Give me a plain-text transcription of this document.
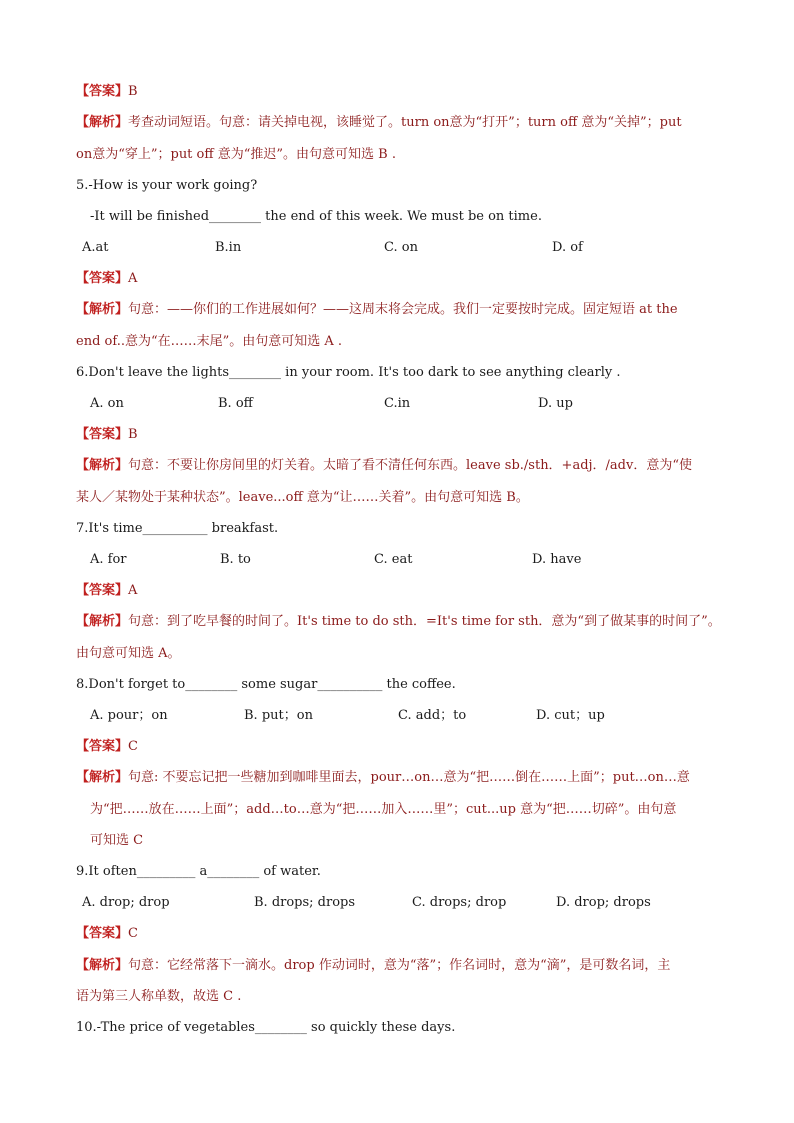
【答案】B
【解析】考查动词短语。句意：请关掉电视，该睡觉了。turn on意为“打开”；turn off 意为“关掉”；put
on意为“穿上”；put off 意为“推迟”。由句意可知选 B .
5.-How is your work going?
-It will be finished________ the end of this week. We must be on time.
A.at	B.in	C. on	D. of
【答案】A
【解析】句意：——你们的工作进展如何？——这周末将会完成。我们一定要按时完成。固定短语 at the
end of..意为“在……末尾”。由句意可知选 A .
6.Don't leave the lights________ in your room. It's too dark to see anything clearly .
A. on	B. off	C.in	D. up
【答案】B
【解析】句意：不要让你房间里的灯关着。太暗了看不清任何东西。leave sb./sth．+adj．/adv．意为“使
某人／某物处于某种状态”。leave...off 意为“让……关着”。由句意可知选 B。
7.It's time__________ breakfast.
A. for	B. to	C. eat	D. have
【答案】A
【解析】句意：到了吃早餐的时间了。It's time to do sth．=It's time for sth．意为“到了做某事的时间了”。
由句意可知选 A。
8.Don't forget to________ some sugar__________ the coffee.
A. pour；on	B. put；on	C. add；to	D. cut；up
【答案】C
【解析】句意: 不要忘记把一些糖加到咖啡里面去，pour…on…意为“把……倒在……上面”；put…on…意
为“把……放在……上面”；add…to…意为“把……加入……里”；cut...up 意为“把……切碎”。由句意
可知选 C
9.It often_________ a________ of water.
A. drop; drop	B. drops; drops	C. drops; drop	D. drop; drops
【答案】C
【解析】句意：它经常落下一滴水。drop 作动词时，意为“落”；作名词时，意为“滴”，是可数名词，主
语为第三人称单数，故选 C .
10.-The price of vegetables________ so quickly these days.
